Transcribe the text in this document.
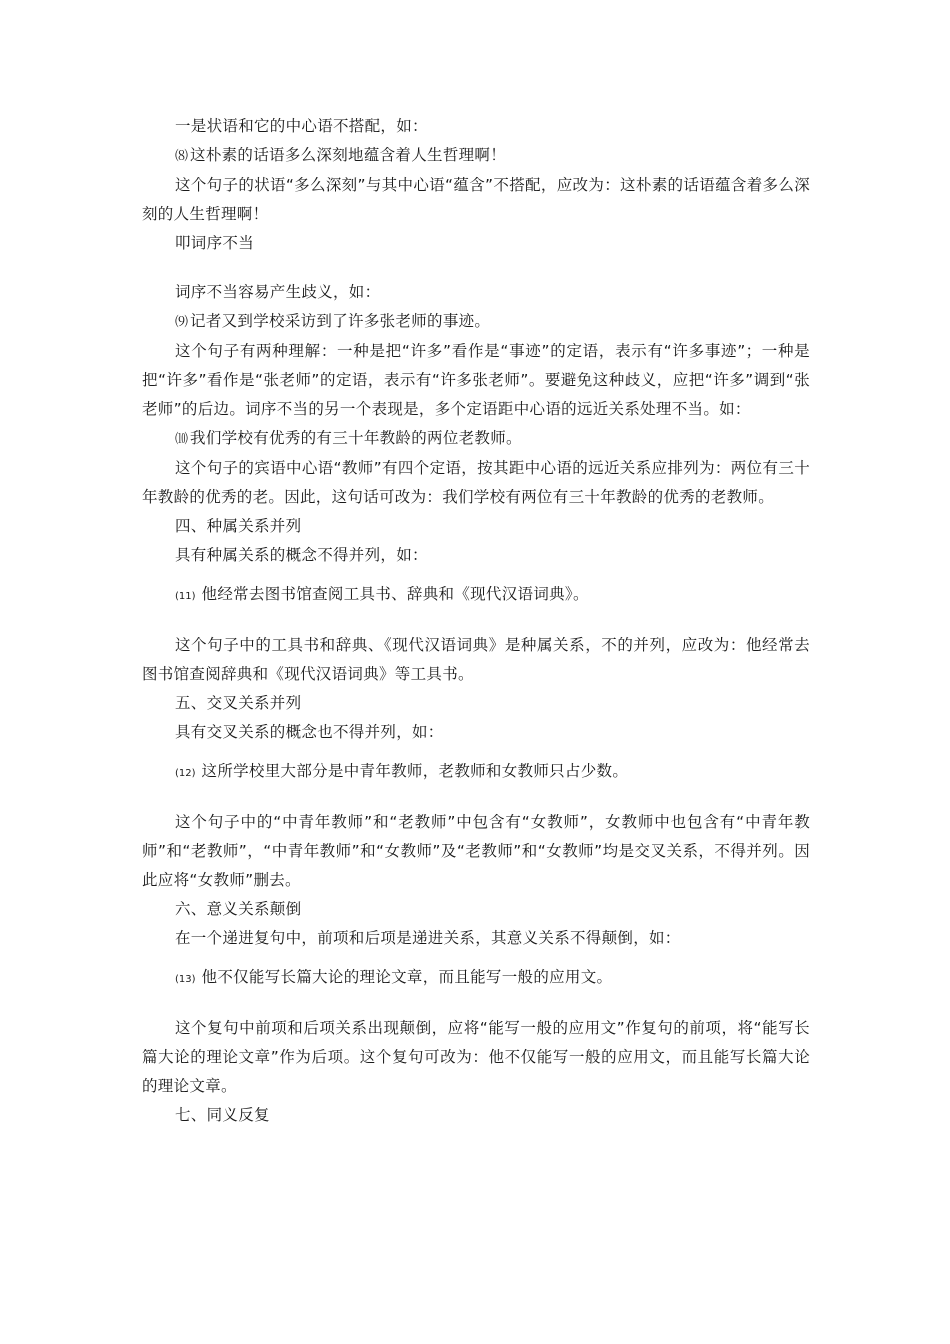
一是状语和它的中心语不搭配，如：

⑻ 这朴素的话语多么深刻地蕴含着人生哲理啊！

这个句子的状语“多么深刻”与其中心语“蕴含”不搭配，应改为：这朴素的话语蕴含着多么深刻的人生哲理啊！

叩词序不当

词序不当容易产生歧义，如：

⑼ 记者又到学校采访到了许多张老师的事迹。

这个句子有两种理解：一种是把“许多”看作是“事迹”的定语，表示有“许多事迹”；一种是把“许多”看作是“张老师”的定语，表示有“许多张老师”。要避免这种歧义，应把“许多”调到“张老师”的后边。词序不当的另一个表现是，多个定语距中心语的远近关系处理不当。如：

⑽ 我们学校有优秀的有三十年教龄的两位老教师。

这个句子的宾语中心语“教师”有四个定语，按其距中心语的远近关系应排列为：两位有三十年教龄的优秀的老。因此，这句话可改为：我们学校有两位有三十年教龄的优秀的老教师。

四、种属关系并列

具有种属关系的概念不得并列，如：

(11) 他经常去图书馆查阅工具书、辞典和《现代汉语词典》。

这个句子中的工具书和辞典、《现代汉语词典》是种属关系，不的并列，应改为：他经常去图书馆查阅辞典和《现代汉语词典》等工具书。

五、交叉关系并列

具有交叉关系的概念也不得并列，如：

(12) 这所学校里大部分是中青年教师，老教师和女教师只占少数。

这个句子中的“中青年教师”和“老教师”中包含有“女教师”，女教师中也包含有“中青年教师”和“老教师”，“中青年教师”和“女教师”及“老教师”和“女教师”均是交叉关系，不得并列。因此应将“女教师”删去。

六、意义关系颠倒

在一个递进复句中，前项和后项是递进关系，其意义关系不得颠倒，如：

(13) 他不仅能写长篇大论的理论文章，而且能写一般的应用文。

这个复句中前项和后项关系出现颠倒，应将“能写一般的应用文”作复句的前项，将“能写长篇大论的理论文章”作为后项。这个复句可改为：他不仅能写一般的应用文，而且能写长篇大论的理论文章。

七、同义反复
